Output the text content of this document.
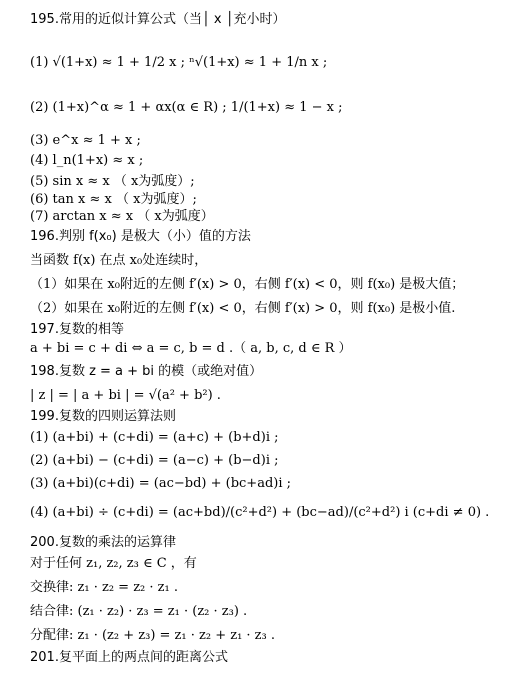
195.常用的近似计算公式（当│ x │充小时）
(1) √(1+x) ≈ 1 + 1/2 x ; ⁿ√(1+x) ≈ 1 + 1/n x ;
(2) (1+x)^α ≈ 1 + αx(α ∈ R) ; 1/(1+x) ≈ 1 − x ;
(3) e^x ≈ 1 + x ;
(4) l_n(1+x) ≈ x ;
(5) sin x ≈ x （ x为弧度）;
(6) tan x ≈ x （ x为弧度）;
(7) arctan x ≈ x （ x为弧度）
196.判别 f(x₀) 是极大（小）值的方法
当函数 f(x) 在点 x₀处连续时，
（1）如果在 x₀附近的左侧 f′(x) > 0，右侧 f′(x) < 0，则 f(x₀) 是极大值；
（2）如果在 x₀附近的左侧 f′(x) < 0，右侧 f′(x) > 0，则 f(x₀) 是极小值.
197.复数的相等
a + bi = c + di ⇔ a = c, b = d .（ a, b, c, d ∈ R ）
198.复数 z = a + bi 的模（或绝对值）
| z | = | a + bi | = √(a² + b²) .
199.复数的四则运算法则
(1) (a+bi) + (c+di) = (a+c) + (b+d)i ;
(2) (a+bi) − (c+di) = (a−c) + (b−d)i ;
(3) (a+bi)(c+di) = (ac−bd) + (bc+ad)i ;
(4) (a+bi) ÷ (c+di) = (ac+bd)/(c²+d²) + (bc−ad)/(c²+d²) i (c+di ≠ 0) .
200.复数的乘法的运算律
对于任何 z₁, z₂, z₃ ∈ C ，有
交换律: z₁ · z₂ = z₂ · z₁ .
结合律: (z₁ · z₂) · z₃ = z₁ · (z₂ · z₃) .
分配律: z₁ · (z₂ + z₃) = z₁ · z₂ + z₁ · z₃ .
201.复平面上的两点间的距离公式
